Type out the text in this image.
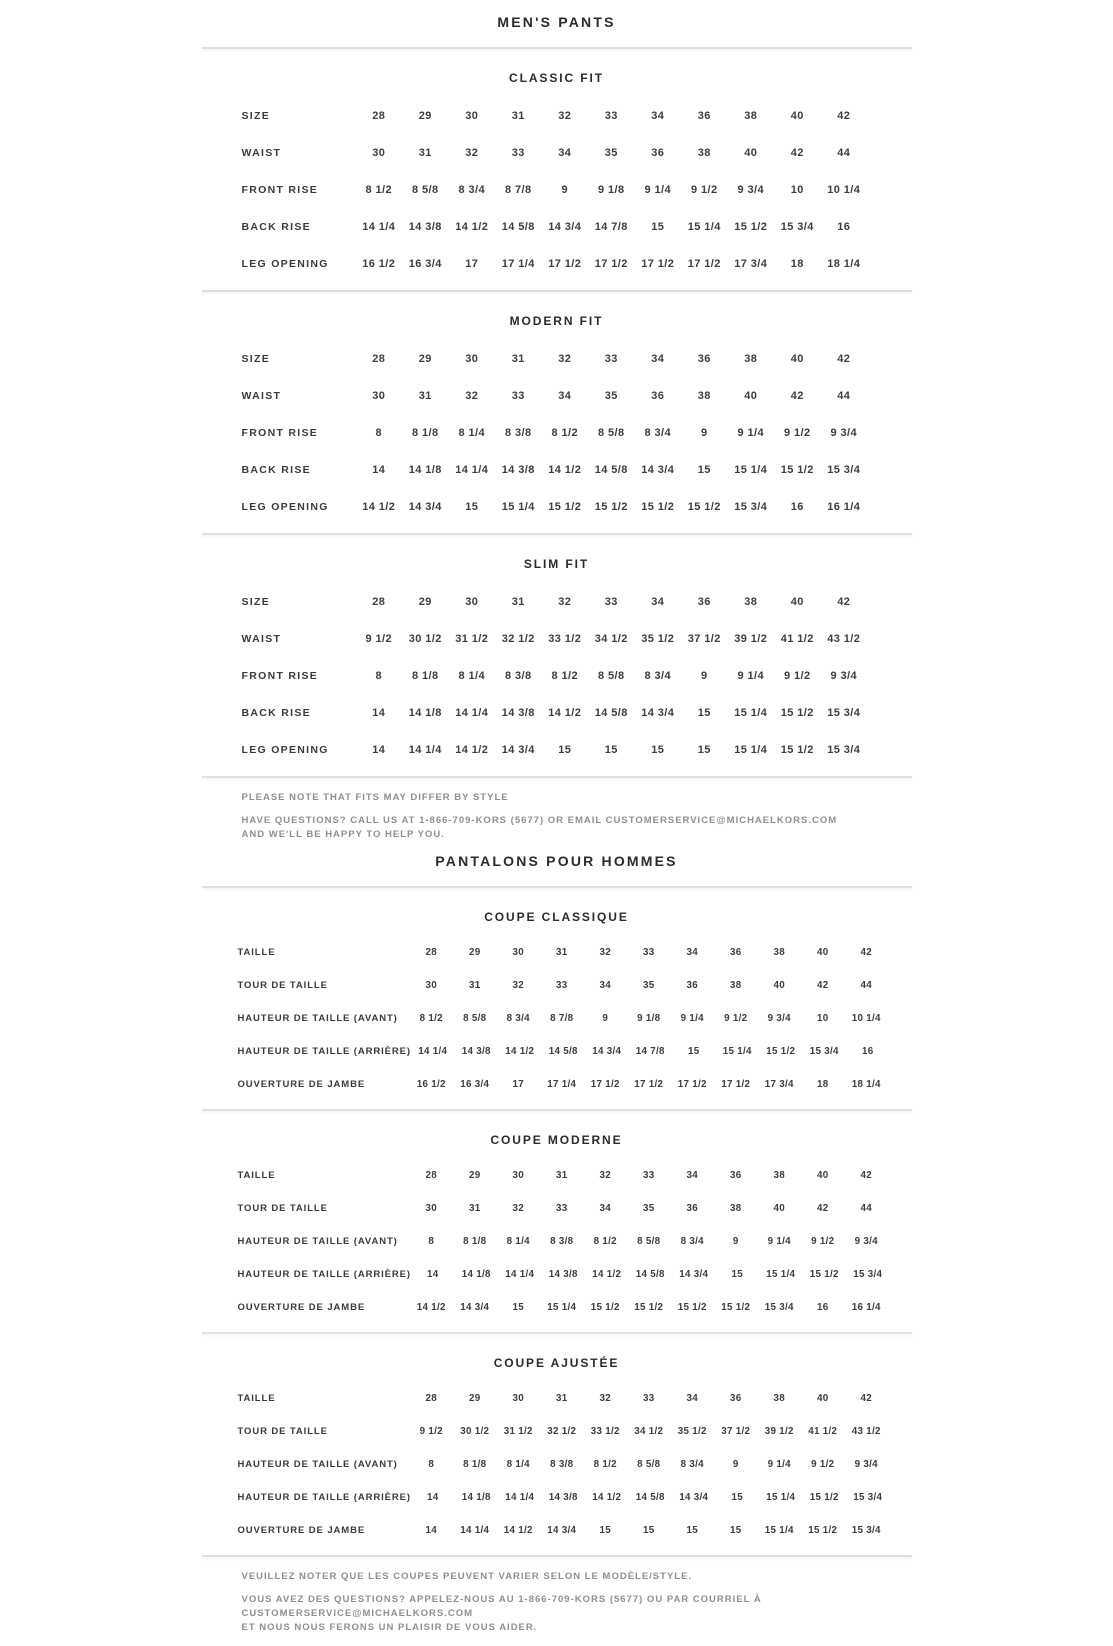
MEN'S PANTS
CLASSIC FIT
SIZE	28	29	30	31	32	33	34	36	38	40	42
WAIST	30	31	32	33	34	35	36	38	40	42	44
FRONT RISE	8 1/2	8 5/8	8 3/4	8 7/8	9	9 1/8	9 1/4	9 1/2	9 3/4	10	10 1/4
BACK RISE	14 1/4	14 3/8	14 1/2	14 5/8	14 3/4	14 7/8	15	15 1/4	15 1/2	15 3/4	16
LEG OPENING	16 1/2	16 3/4	17	17 1/4	17 1/2	17 1/2	17 1/2	17 1/2	17 3/4	18	18 1/4
MODERN FIT
SIZE	28	29	30	31	32	33	34	36	38	40	42
WAIST	30	31	32	33	34	35	36	38	40	42	44
FRONT RISE	8	8 1/8	8 1/4	8 3/8	8 1/2	8 5/8	8 3/4	9	9 1/4	9 1/2	9 3/4
BACK RISE	14	14 1/8	14 1/4	14 3/8	14 1/2	14 5/8	14 3/4	15	15 1/4	15 1/2	15 3/4
LEG OPENING	14 1/2	14 3/4	15	15 1/4	15 1/2	15 1/2	15 1/2	15 1/2	15 3/4	16	16 1/4
SLIM FIT
SIZE	28	29	30	31	32	33	34	36	38	40	42
WAIST	9 1/2	30 1/2	31 1/2	32 1/2	33 1/2	34 1/2	35 1/2	37 1/2	39 1/2	41 1/2	43 1/2
FRONT RISE	8	8 1/8	8 1/4	8 3/8	8 1/2	8 5/8	8 3/4	9	9 1/4	9 1/2	9 3/4
BACK RISE	14	14 1/8	14 1/4	14 3/8	14 1/2	14 5/8	14 3/4	15	15 1/4	15 1/2	15 3/4
LEG OPENING	14	14 1/4	14 1/2	14 3/4	15	15	15	15	15 1/4	15 1/2	15 3/4

PLEASE NOTE THAT FITS MAY DIFFER BY STYLE

HAVE QUESTIONS? CALL US AT 1-866-709-KORS (5677) OR EMAIL CUSTOMERSERVICE@MICHAELKORS.COM
AND WE'LL BE HAPPY TO HELP YOU.

PANTALONS POUR HOMMES
COUPE CLASSIQUE
TAILLE	28	29	30	31	32	33	34	36	38	40	42
TOUR DE TAILLE	30	31	32	33	34	35	36	38	40	42	44
HAUTEUR DE TAILLE (AVANT)	8 1/2	8 5/8	8 3/4	8 7/8	9	9 1/8	9 1/4	9 1/2	9 3/4	10	10 1/4
HAUTEUR DE TAILLE (ARRIÈRE) 14 1/4	14 3/8	14 1/2	14 5/8	14 3/4	14 7/8	15	15 1/4	15 1/2	15 3/4	16
OUVERTURE DE JAMBE	16 1/2	16 3/4	17	17 1/4	17 1/2	17 1/2	17 1/2	17 1/2	17 3/4	18	18 1/4
COUPE MODERNE
TAILLE	28	29	30	31	32	33	34	36	38	40	42
TOUR DE TAILLE	30	31	32	33	34	35	36	38	40	42	44
HAUTEUR DE TAILLE (AVANT)	8	8 1/8	8 1/4	8 3/8	8 1/2	8 5/8	8 3/4	9	9 1/4	9 1/2	9 3/4
HAUTEUR DE TAILLE (ARRIÈRE)	14	14 1/8	14 1/4	14 3/8	14 1/2	14 5/8	14 3/4	15	15 1/4	15 1/2	15 3/4
OUVERTURE DE JAMBE	14 1/2	14 3/4	15	15 1/4	15 1/2	15 1/2	15 1/2	15 1/2	15 3/4	16	16 1/4
COUPE AJUSTÉE
TAILLE	28	29	30	31	32	33	34	36	38	40	42
TOUR DE TAILLE	9 1/2	30 1/2	31 1/2	32 1/2	33 1/2	34 1/2	35 1/2	37 1/2	39 1/2	41 1/2	43 1/2
HAUTEUR DE TAILLE (AVANT)	8	8 1/8	8 1/4	8 3/8	8 1/2	8 5/8	8 3/4	9	9 1/4	9 1/2	9 3/4
HAUTEUR DE TAILLE (ARRIÈRE)	14	14 1/8	14 1/4	14 3/8	14 1/2	14 5/8	14 3/4	15	15 1/4	15 1/2	15 3/4
OUVERTURE DE JAMBE	14	14 1/4	14 1/2	14 3/4	15	15	15	15	15 1/4	15 1/2	15 3/4

VEUILLEZ NOTER QUE LES COUPES PEUVENT VARIER SELON LE MODÈLE/STYLE.

VOUS AVEZ DES QUESTIONS? APPELEZ-NOUS AU 1-866-709-KORS (5677) OU PAR COURRIEL À CUSTOMERSERVICE@MICHAELKORS.COM
ET NOUS NOUS FERONS UN PLAISIR DE VOUS AIDER.
